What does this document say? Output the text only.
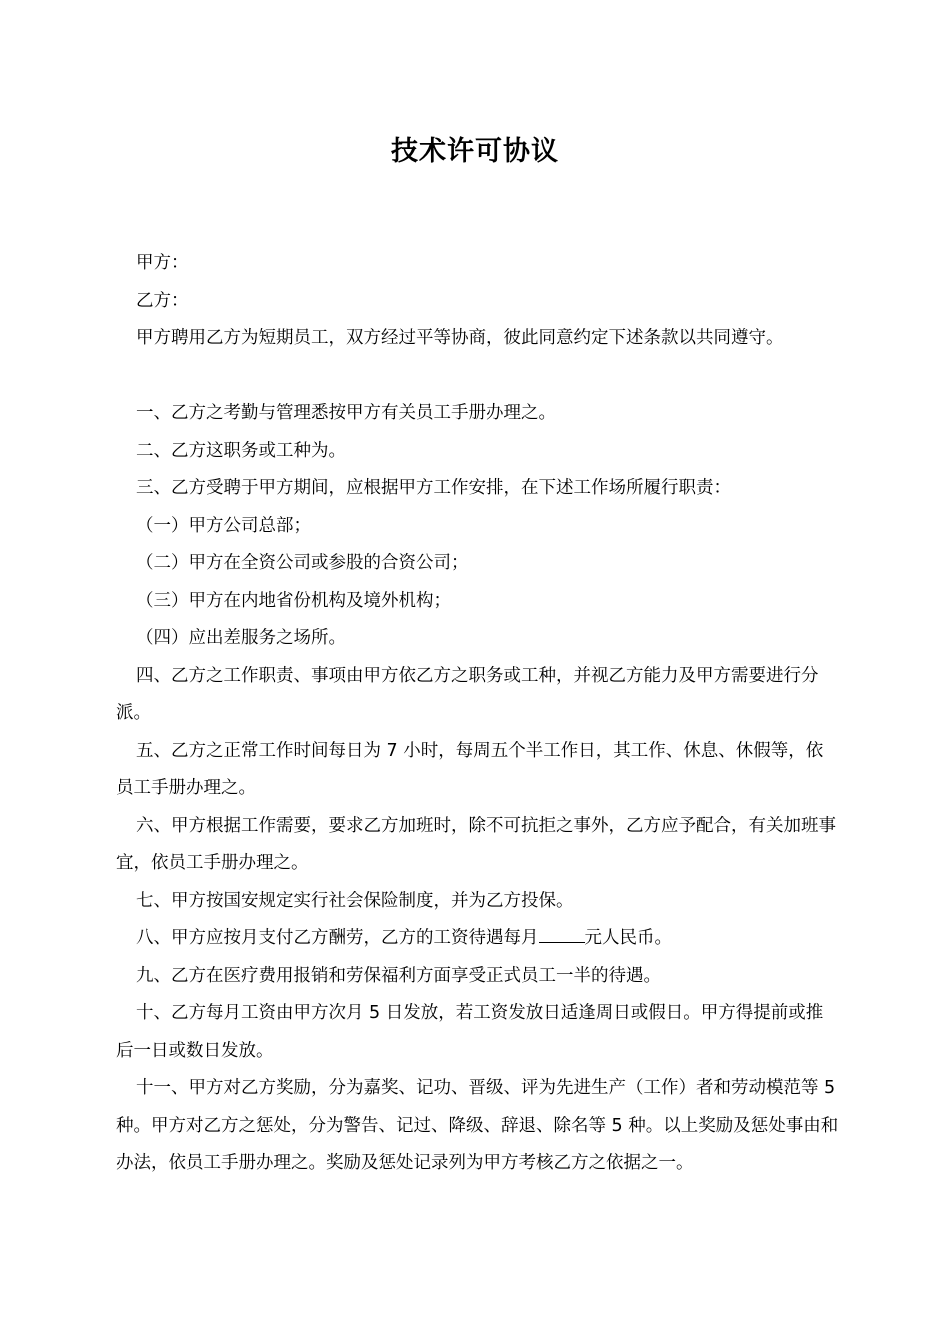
技术许可协议

甲方：

乙方：

甲方聘用乙方为短期员工，双方经过平等协商，彼此同意约定下述条款以共同遵守。

一、乙方之考勤与管理悉按甲方有关员工手册办理之。

二、乙方这职务或工种为。

三、乙方受聘于甲方期间，应根据甲方工作安排，在下述工作场所履行职责：

（一）甲方公司总部；

（二）甲方在全资公司或参股的合资公司；

（三）甲方在内地省份机构及境外机构；

（四）应出差服务之场所。

四、乙方之工作职责、事项由甲方依乙方之职务或工种，并视乙方能力及甲方需要进行分派。

五、乙方之正常工作时间每日为 7 小时，每周五个半工作日，其工作、休息、休假等，依员工手册办理之。

六、甲方根据工作需要，要求乙方加班时，除不可抗拒之事外，乙方应予配合，有关加班事宜，依员工手册办理之。

七、甲方按国安规定实行社会保险制度，并为乙方投保。

八、甲方应按月支付乙方酬劳，乙方的工资待遇每月	元人民币。

九、乙方在医疗费用报销和劳保福利方面享受正式员工一半的待遇。

十、乙方每月工资由甲方次月 5 日发放，若工资发放日适逢周日或假日。甲方得提前或推后一日或数日发放。

十一、甲方对乙方奖励，分为嘉奖、记功、晋级、评为先进生产（工作）者和劳动模范等 5 种。甲方对乙方之惩处，分为警告、记过、降级、辞退、除名等 5 种。以上奖励及惩处事由和办法，依员工手册办理之。奖励及惩处记录列为甲方考核乙方之依据之一。
